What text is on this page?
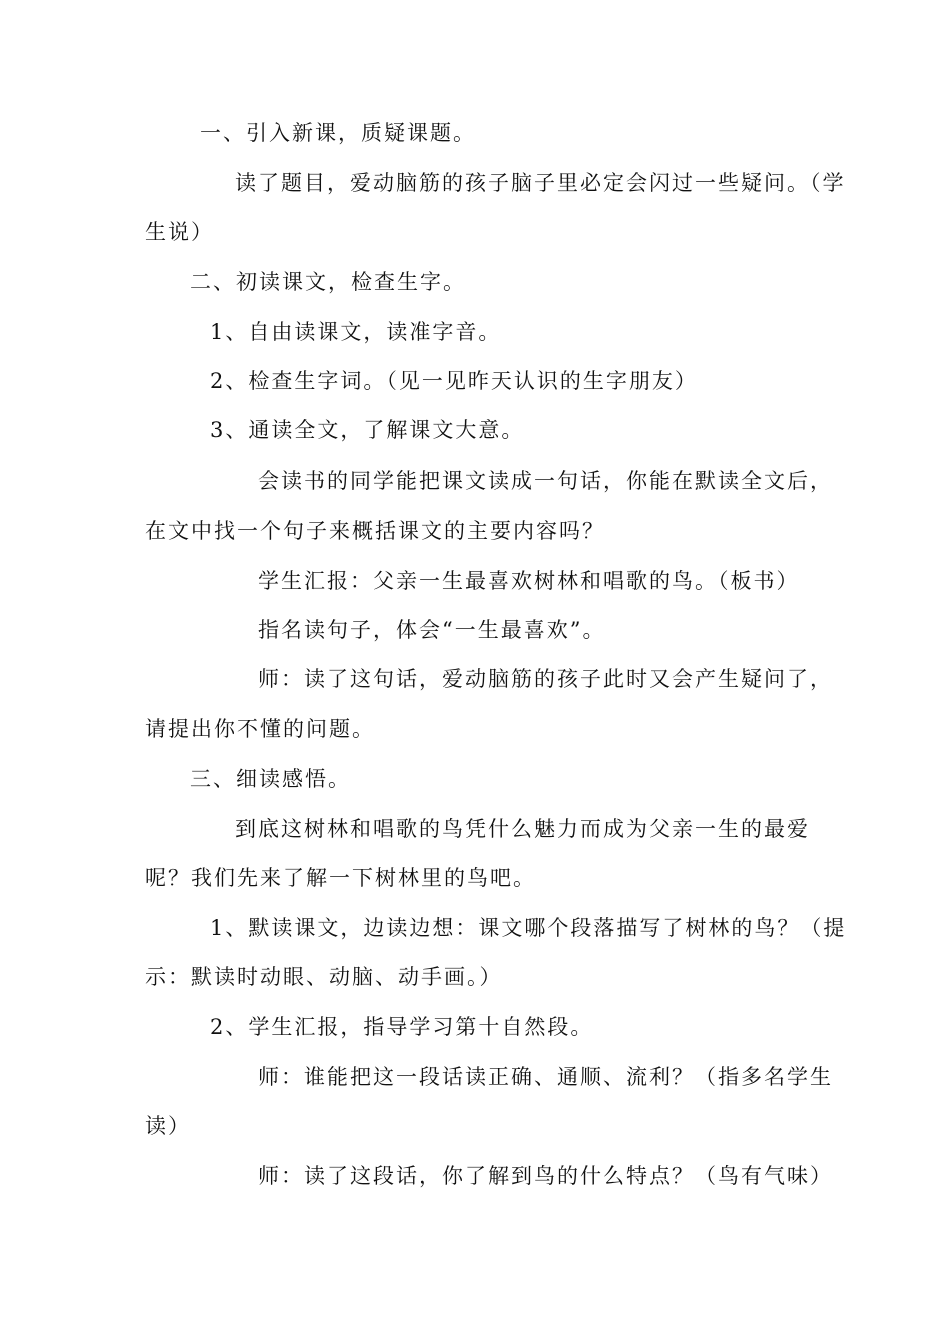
一、引入新课，质疑课题。
读了题目，爱动脑筋的孩子脑子里必定会闪过一些疑问。（学
生说）
二、初读课文，检查生字。
1、自由读课文，读准字音。
2、检查生字词。（见一见昨天认识的生字朋友）
3、通读全文，了解课文大意。
会读书的同学能把课文读成一句话，你能在默读全文后，
在文中找一个句子来概括课文的主要内容吗？
学生汇报：父亲一生最喜欢树林和唱歌的鸟。（板书）
指名读句子，体会“一生最喜欢”。
师：读了这句话，爱动脑筋的孩子此时又会产生疑问了，
请提出你不懂的问题。
三、细读感悟。
到底这树林和唱歌的鸟凭什么魅力而成为父亲一生的最爱
呢？我们先来了解一下树林里的鸟吧。
1、默读课文，边读边想：课文哪个段落描写了树林的鸟？（提
示：默读时动眼、动脑、动手画。）
2、学生汇报，指导学习第十自然段。
师：谁能把这一段话读正确、通顺、流利？（指多名学生
读）
师：读了这段话，你了解到鸟的什么特点？（鸟有气味）
